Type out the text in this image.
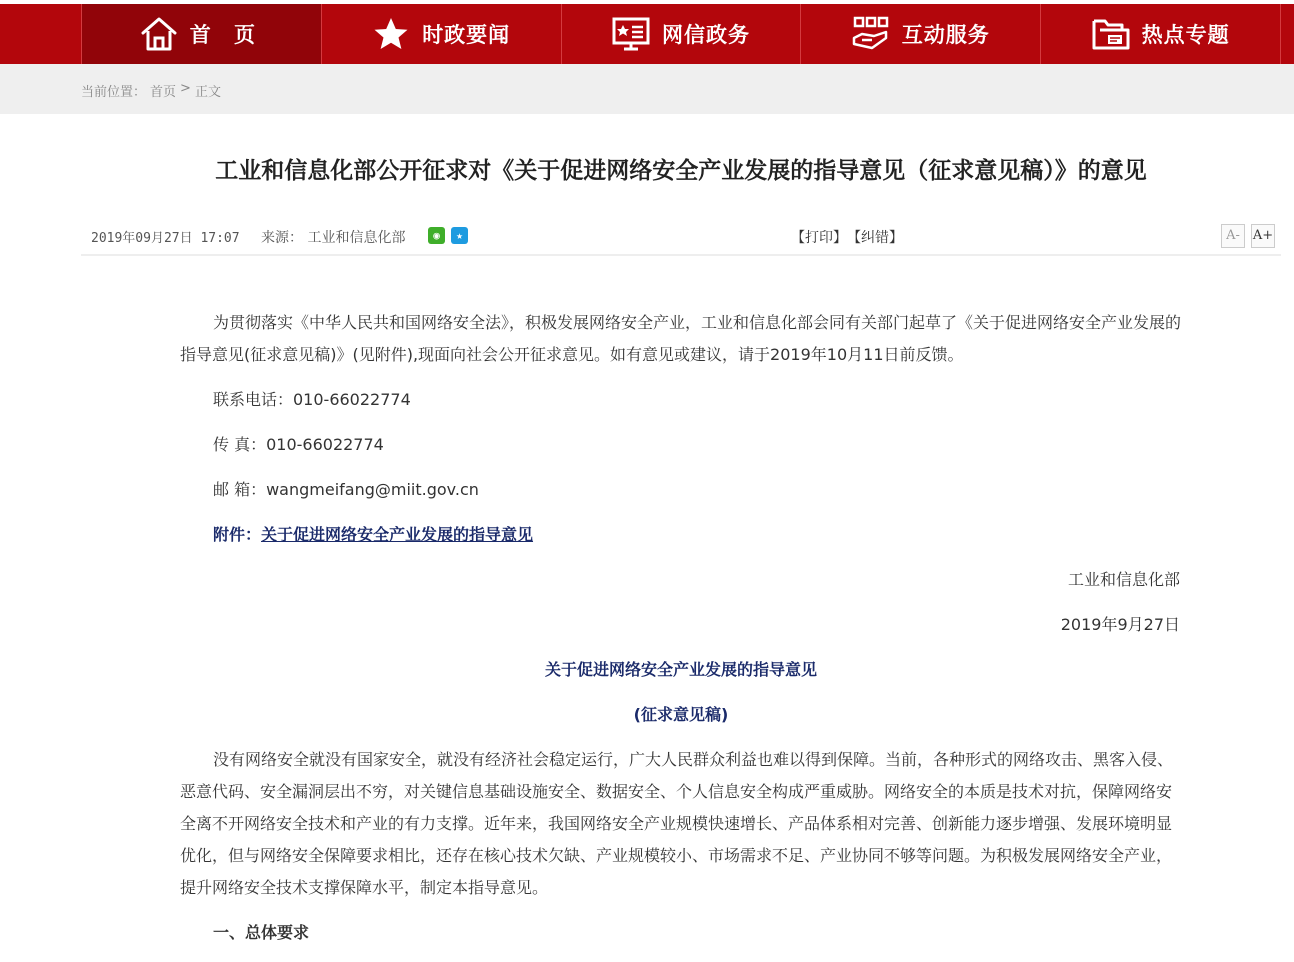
首 页	时政要闻	网信政务	互动服务	热点专题
当前位置： 首页 > 正文
工业和信息化部公开征求对《关于促进网络安全产业发展的指导意见（征求意见稿）》的意见
2019年09月27日 17:07 来源： 工业和信息化部	◉	★	【打印】 【纠错】	A- A+

为贯彻落实《中华人民共和国网络安全法》，积极发展网络安全产业，工业和信息化部会同有关部门起草了《关于促进网络安全产业发展的指导意见(征求意见稿)》(见附件),现面向社会公开征求意见。如有意见或建议，请于2019年10月11日前反馈。

联系电话：010-66022774

传 真：010-66022774

邮 箱：wangmeifang@miit.gov.cn

附件：关于促进网络安全产业发展的指导意见

工业和信息化部

2019年9月27日

关于促进网络安全产业发展的指导意见

(征求意见稿)

没有网络安全就没有国家安全，就没有经济社会稳定运行，广大人民群众利益也难以得到保障。当前，各种形式的网络攻击、黑客入侵、恶意代码、安全漏洞层出不穷，对关键信息基础设施安全、数据安全、个人信息安全构成严重威胁。网络安全的本质是技术对抗，保障网络安全离不开网络安全技术和产业的有力支撑。近年来，我国网络安全产业规模快速增长、产品体系相对完善、创新能力逐步增强、发展环境明显优化，但与网络安全保障要求相比，还存在核心技术欠缺、产业规模较小、市场需求不足、产业协同不够等问题。为积极发展网络安全产业，提升网络安全技术支撑保障水平，制定本指导意见。

一、总体要求
